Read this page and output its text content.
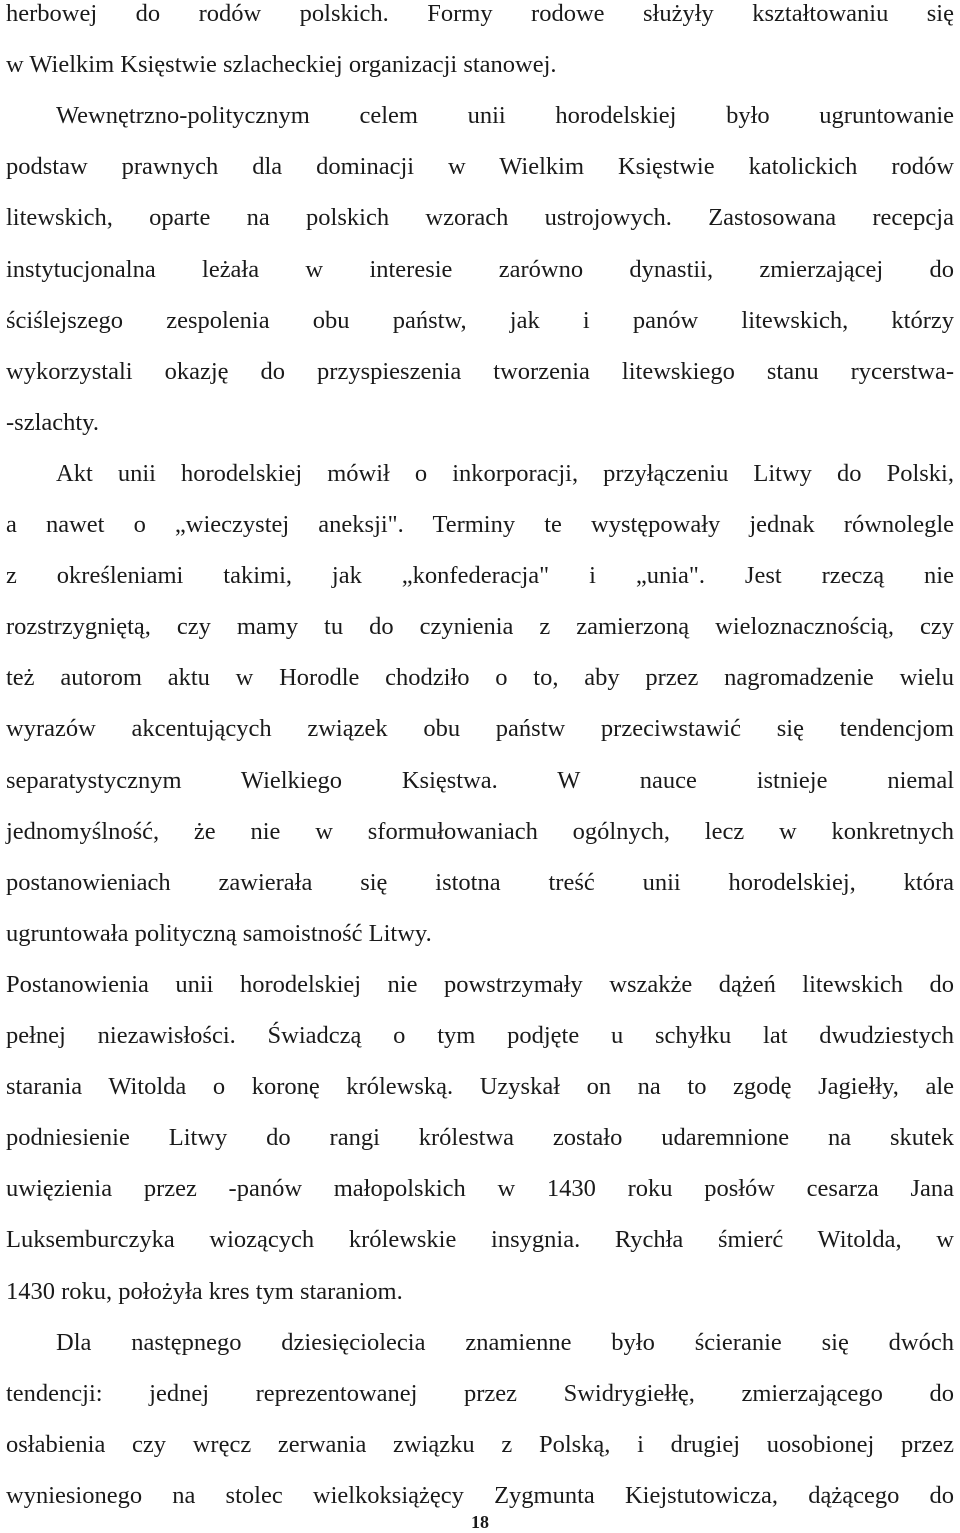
herbowej do rodów polskich. Formy rodowe służyły kształtowaniu się
w Wielkim Księstwie szlacheckiej organizacji stanowej.
Wewnętrzno-politycznym celem unii horodelskiej było ugruntowanie
podstaw prawnych dla dominacji w Wielkim Księstwie katolickich rodów
litewskich, oparte na polskich wzorach ustrojowych. Zastosowana recepcja
instytucjonalna leżała w interesie zarówno dynastii, zmierzającej do
ściślejszego zespolenia obu państw, jak i panów litewskich, którzy
wykorzystali okazję do przyspieszenia tworzenia litewskiego stanu rycerstwa-
-szlachty.
Akt unii horodelskiej mówił o inkorporacji, przyłączeniu Litwy do Polski,
a nawet o „wieczystej aneksji". Terminy te występowały jednak równolegle
z określeniami takimi, jak „konfederacja" i „unia". Jest rzeczą nie
rozstrzygniętą, czy mamy tu do czynienia z zamierzoną wieloznacznością, czy
też autorom aktu w Horodle chodziło o to, aby przez nagromadzenie wielu
wyrazów akcentujących związek obu państw przeciwstawić się tendencjom
separatystycznym Wielkiego Księstwa. W nauce istnieje niemal
jednomyślność, że nie w sformułowaniach ogólnych, lecz w konkretnych
postanowieniach zawierała się istotna treść unii horodelskiej, która
ugruntowała polityczną samoistność Litwy.
Postanowienia unii horodelskiej nie powstrzymały wszakże dążeń litewskich do
pełnej niezawisłości. Świadczą o tym podjęte u schyłku lat dwudziestych
starania Witolda o koronę królewską. Uzyskał on na to zgodę Jagiełły, ale
podniesienie Litwy do rangi królestwa zostało udaremnione na skutek
uwięzienia przez -panów małopolskich w 1430 roku posłów cesarza Jana
Luksemburczyka wiozących królewskie insygnia. Rychła śmierć Witolda, w
1430 roku, położyła kres tym staraniom.
Dla następnego dziesięciolecia znamienne było ścieranie się dwóch
tendencji: jednej reprezentowanej przez Swidrygiełłę, zmierzającego do
osłabienia czy wręcz zerwania związku z Polską, i drugiej uosobionej przez
wyniesionego na stolec wielkoksiążęcy Zygmunta Kiejstutowicza, dążącego do
18
